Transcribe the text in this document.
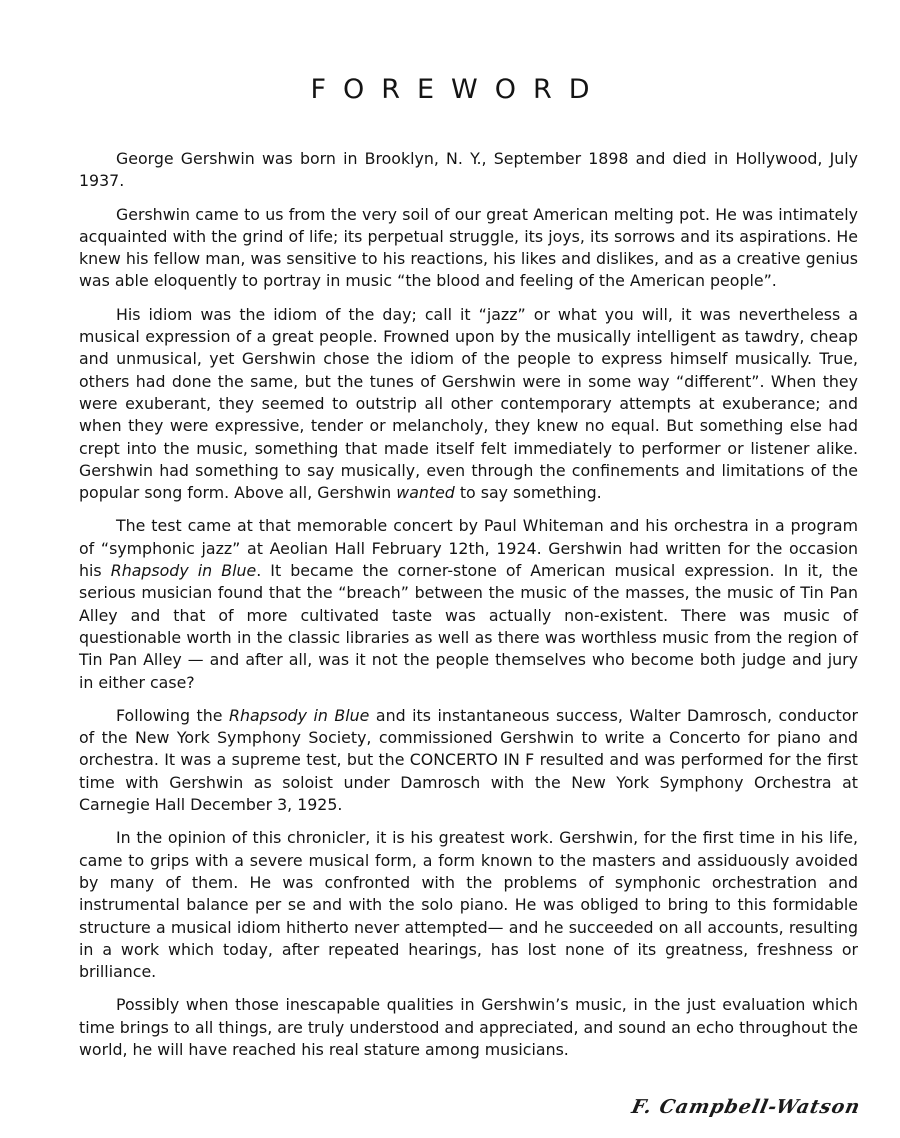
FOREWORD

George Gershwin was born in Brooklyn, N. Y., September 1898 and died in Hollywood, July 1937.

Gershwin came to us from the very soil of our great American melting pot. He was intimately acquainted with the grind of life; its perpetual struggle, its joys, its sorrows and its aspirations. He knew his fellow man, was sensitive to his reactions, his likes and dislikes, and as a creative genius was able eloquently to portray in music “the blood and feeling of the American people”.

His idiom was the idiom of the day; call it “jazz” or what you will, it was nevertheless a musical expression of a great people. Frowned upon by the musically intelligent as tawdry, cheap and unmusical, yet Gershwin chose the idiom of the people to express himself musically. True, others had done the same, but the tunes of Gershwin were in some way “different”. When they were exuberant, they seemed to outstrip all other contemporary attempts at exuberance; and when they were expressive, tender or melancholy, they knew no equal. But something else had crept into the music, something that made itself felt immediately to performer or listener alike. Gershwin had something to say musically, even through the confinements and limitations of the popular song form. Above all, Gershwin wanted to say something.

The test came at that memorable concert by Paul Whiteman and his orchestra in a program of “symphonic jazz” at Aeolian Hall February 12th, 1924. Gershwin had written for the occasion his Rhapsody in Blue. It became the corner-stone of American musical expression. In it, the serious musician found that the “breach” between the music of the masses, the music of Tin Pan Alley and that of more cultivated taste was actually non-existent. There was music of questionable worth in the classic libraries as well as there was worthless music from the region of Tin Pan Alley — and after all, was it not the people themselves who become both judge and jury in either case?

Following the Rhapsody in Blue and its instantaneous success, Walter Damrosch, conductor of the New York Symphony Society, commissioned Gershwin to write a Concerto for piano and orchestra. It was a supreme test, but the CONCERTO IN F resulted and was performed for the first time with Gershwin as soloist under Damrosch with the New York Symphony Orchestra at Carnegie Hall December 3, 1925.

In the opinion of this chronicler, it is his greatest work. Gershwin, for the first time in his life, came to grips with a severe musical form, a form known to the masters and assiduously avoided by many of them. He was confronted with the problems of symphonic orchestration and instrumental balance per se and with the solo piano. He was obliged to bring to this formidable structure a musical idiom hitherto never attempted— and he succeeded on all accounts, resulting in a work which today, after repeated hearings, has lost none of its greatness, freshness or brilliance.

Possibly when those inescapable qualities in Gershwin’s music, in the just evaluation which time brings to all things, are truly understood and appreciated, and sound an echo throughout the world, he will have reached his real stature among musicians.

F. Campbell-Watson
